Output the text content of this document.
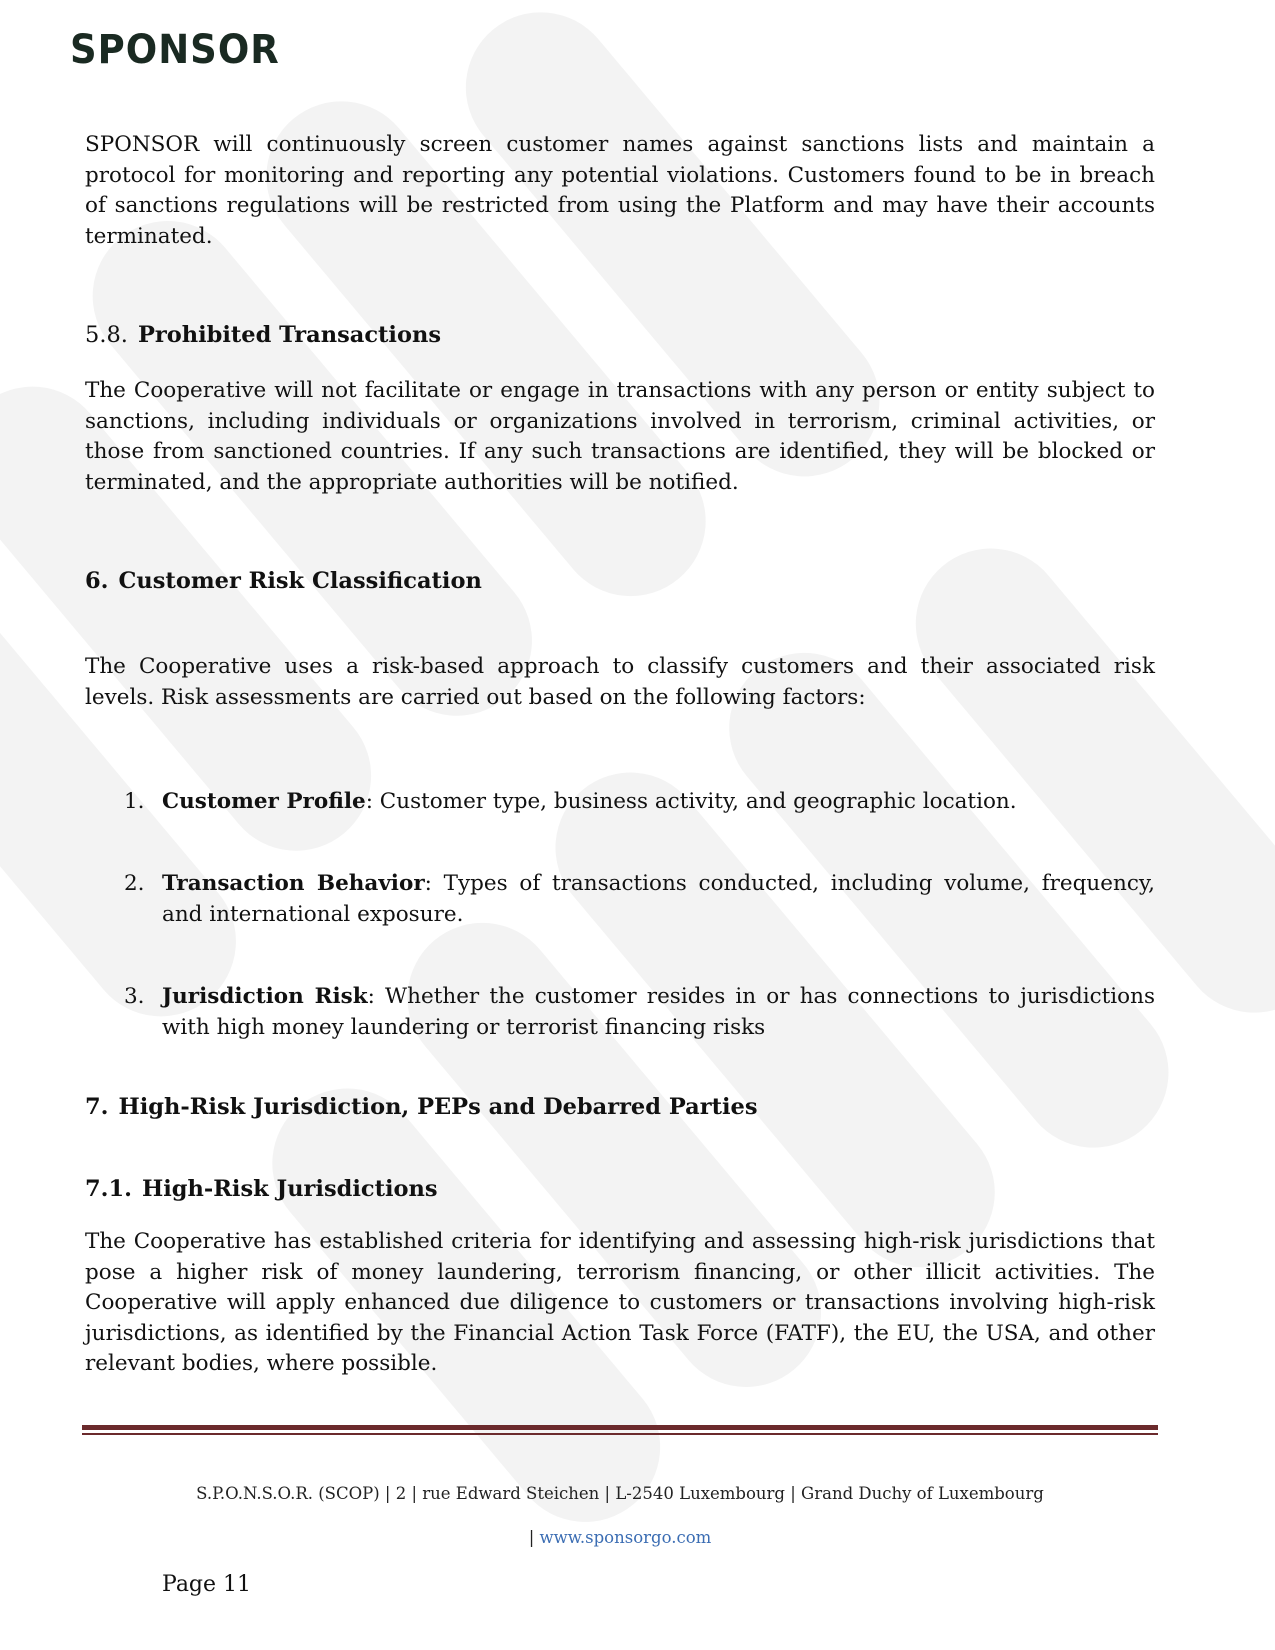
SPONSOR

SPONSOR will continuously screen customer names against sanctions lists and maintain a protocol for monitoring and reporting any potential violations. Customers found to be in breach of sanctions regulations will be restricted from using the Platform and may have their accounts terminated.

5.8. Prohibited Transactions

The Cooperative will not facilitate or engage in transactions with any person or entity subject to sanctions, including individuals or organizations involved in terrorism, criminal activities, or those from sanctioned countries. If any such transactions are identified, they will be blocked or terminated, and the appropriate authorities will be notified.

6. Customer Risk Classification

The Cooperative uses a risk-based approach to classify customers and their associated risk levels. Risk assessments are carried out based on the following factors:

1. Customer Profile: Customer type, business activity, and geographic location.
2. Transaction Behavior: Types of transactions conducted, including volume, frequency, and international exposure.
3. Jurisdiction Risk: Whether the customer resides in or has connections to jurisdictions with high money laundering or terrorist financing risks
7. High-Risk Jurisdiction, PEPs and Debarred Parties
7.1. High-Risk Jurisdictions

The Cooperative has established criteria for identifying and assessing high-risk jurisdictions that pose a higher risk of money laundering, terrorism financing, or other illicit activities. The Cooperative will apply enhanced due diligence to customers or transactions involving high-risk jurisdictions, as identified by the Financial Action Task Force (FATF), the EU, the USA, and other relevant bodies, where possible.

S.P.O.N.S.O.R. (SCOP) | 2 | rue Edward Steichen | L-2540 Luxembourg | Grand Duchy of Luxembourg
| www.sponsorgo.com
Page 11
